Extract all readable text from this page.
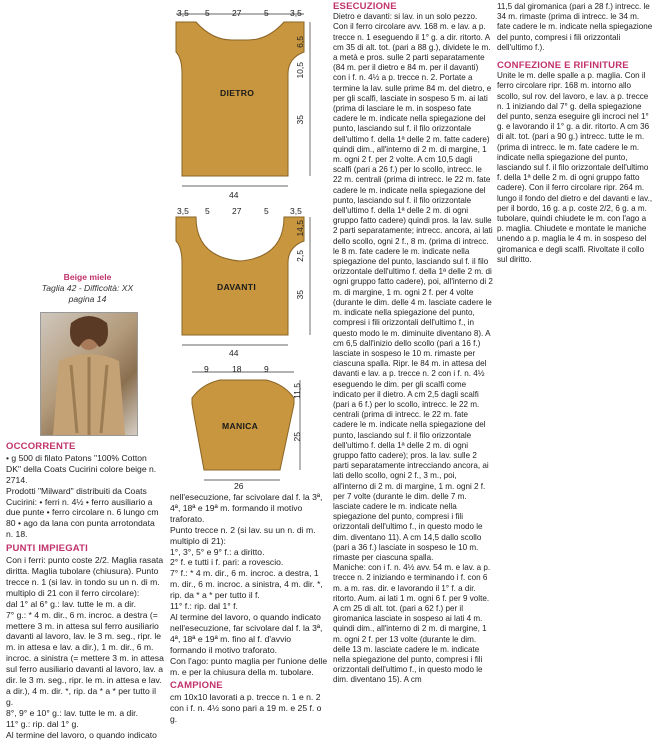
3,5 5	27	5	3,5
6,5
10,5
35
44
DIETRO
3,5 5	27	5	3,5
14,5
2,5
35
44
DAVANTI
9	18	9
11,5
25
26
MANICA
Beige miele
Taglia 42 - Difficoltà: XX
pagina 14
OCCORRENTE

• g 500 di filato Patons "100% Cotton DK" della Coats Cucirini colore beige n. 2714.

Prodotti "Milward" distribuiti da Coats Cucirini: • ferri n. 4½ • ferro ausiliario a due punte • ferro circolare n. 6 lungo cm 80 • ago da lana con punta arrotondata n. 18.

PUNTI IMPIEGATI

Con i ferri: punto coste 2/2. Maglia rasata diritta. Maglia tubolare (chiusura). Punto trecce n. 1 (si lav. in tondo su un n. di m. multiplo di 21 con il ferro circolare):

dal 1° al 6° g.: lav. tutte le m. a dir.

7° g.: * 4 m. dir., 6 m. incroc. a destra (= mettere 3 m. in attesa sul ferro ausiliario davanti al lavoro, lav. le 3 m. seg., ripr. le m. in attesa e lav. a dir.), 1 m. dir., 6 m. incroc. a sinistra (= mettere 3 m. in attesa sul ferro ausiliario davanti al lavoro, lav. a dir. le 3 m. seg., ripr. le m. in attesa e lav. a dir.), 4 m. dir. *, rip. da * a * per tutto il g.

8°, 9° e 10° g.: lav. tutte le m. a dir.

11° g.: rip. dal 1° g.

Al termine del lavoro, o quando indicato

nell'esecuzione, far scivolare dal f. la 3ª, 4ª, 18ª e 19ª m. formando il motivo traforato.

Punto trecce n. 2 (si lav. su un n. di m. multiplo di 21):

1°, 3°, 5° e 9° f.: a diritto.

2° f. e tutti i f. pari: a rovescio.

7° f.: * 4 m. dir., 6 m. incroc. a destra, 1 m. dir., 6 m. incroc. a sinistra, 4 m. dir. *, rip. da * a * per tutto il f.

11° f.: rip. dal 1° f.

Al termine del lavoro, o quando indicato nell'esecuzione, far scivolare dal f. la 3ª, 4ª, 18ª e 19ª m. fino al f. d'avvio formando il motivo traforato.

Con l'ago: punto maglia per l'unione delle m. e per la chiusura della m. tubolare.

CAMPIONE

cm 10x10 lavorati a p. trecce n. 1 e n. 2 con i f. n. 4½ sono pari a 19 m. e 25 f. o g.

ESECUZIONE

Dietro e davanti: si lav. in un solo pezzo. Con il ferro circolare avv. 168 m. e lav. a p. trecce n. 1 eseguendo il 1° g. a dir. ritorto. A cm 35 di alt. tot. (pari a 88 g.), dividete le m. a metà e pros. sulle 2 parti separatamente (84 m. per il dietro e 84 m. per il davanti) con i f. n. 4½ a p. trecce n. 2. Portate a termine la lav. sulle prime 84 m. del dietro, e per gli scalfi, lasciate in sospeso 5 m. ai lati (prima di lasciare le m. in sospeso fate cadere le m. indicate nella spiegazione del punto, lasciando sul f. il filo orizzontale dell'ultimo f. della 1ª delle 2 m. fatte cadere) quindi dim., all'interno di 2 m. di margine, 1 m. ogni 2 f. per 2 volte. A cm 10,5 dagli scalfi (pari a 26 f.) per lo scollo, intrecc. le 22 m. centrali (prima di intrecc. le 22 m. fate cadere le m. indicate nella spiegazione del punto, lasciando sul f. il filo orizzontale dell'ultimo f. della 1ª delle 2 m. di ogni gruppo fatto cadere) quindi pros. la lav. sulle 2 parti separatamente; intrecc. ancora, ai lati dello scollo, ogni 2 f., 8 m. (prima di intrecc. le 8 m. fate cadere le m. indicate nella spiegazione del punto, lasciando sul f. il filo orizzontale dell'ultimo f. della 1ª delle 2 m. di ogni gruppo fatto cadere), poi, all'interno di 2 m. di margine, 1 m. ogni 2 f. per 4 volte (durante le dim. delle 4 m. lasciate cadere le m. indicate nella spiegazione del punto, compresi i fili orizzontali dell'ultimo f., in questo modo le m. diminuite diventano 8). A cm 6,5 dall'inizio dello scollo (pari a 16 f.) lasciate in sospeso le 10 m. rimaste per ciascuna spalla. Ripr. le 84 m. in attesa del davanti e lav. a p. trecce n. 2 con i f. n. 4½ eseguendo le dim. per gli scalfi come indicato per il dietro. A cm 2,5 dagli scalfi (pari a 6 f.) per lo scollo, intrecc. le 22 m. centrali (prima di intrecc. le 22 m. fate cadere le m. indicate nella spiegazione del punto, lasciando sul f. il filo orizzontale dell'ultimo f. della 1ª delle 2 m. di ogni gruppo fatto cadere); pros. la lav. sulle 2 parti separatamente intrecciando ancora, ai lati dello scollo, ogni 2 f., 3 m., poi, all'interno di 2 m. di margine, 1 m. ogni 2 f. per 7 volte (durante le dim. delle 7 m. lasciate cadere le m. indicate nella spiegazione del punto, compresi i fili orizzontali dell'ultimo f., in questo modo le dim. diventano 11). A cm 14,5 dallo scollo (pari a 36 f.) lasciate in sospeso le 10 m. rimaste per ciascuna spalla.

Maniche: con i f. n. 4½ avv. 54 m. e lav. a p. trecce n. 2 iniziando e terminando i f. con 6 m. a m. ras. dir. e lavorando il 1° f. a dir. ritorto. Aum. ai lati 1 m. ogni 6 f. per 9 volte. A cm 25 di alt. tot. (pari a 62 f.) per il giromanica lasciate in sospeso ai lati 4 m. quindi dim., all'interno di 2 m. di margine, 1 m. ogni 2 f. per 13 volte (durante le dim. delle 13 m. lasciate cadere le m. indicate nella spiegazione del punto, compresi i fili orizzontali dell'ultimo f., in questo modo le dim. diventano 15). A cm

11,5 dal giromanica (pari a 28 f.) intrecc. le 34 m. rimaste (prima di intrecc. le 34 m. fate cadere le m. indicate nella spiegazione del punto, compresi i fili orizzontali dell'ultimo f.).

CONFEZIONE E RIFINITURE

Unite le m. delle spalle a p. maglia. Con il ferro circolare ripr. 168 m. intorno allo scollo, sul rov. del lavoro, e lav. a p. trecce n. 1 iniziando dal 7° g. della spiegazione del punto, senza eseguire gli incroci nel 1° g. e lavorando il 1° g. a dir. ritorto. A cm 36 di alt. tot. (pari a 90 g.) intrecc. tutte le m. (prima di intrecc. le m. fate cadere le m. indicate nella spiegazione del punto, lasciando sul f. il filo orizzontale dell'ultimo f. della 1ª delle 2 m. di ogni gruppo fatto cadere). Con il ferro circolare ripr. 264 m. lungo il fondo del dietro e del davanti e lav., per il bordo, 16 g. a p. coste 2/2, 6 g. a m. tubolare, quindi chiudete le m. con l'ago a p. maglia. Chiudete e montate le maniche unendo a p. maglia le 4 m. in sospeso del giromanica e degli scalfi. Rivoltate il collo sul diritto.
